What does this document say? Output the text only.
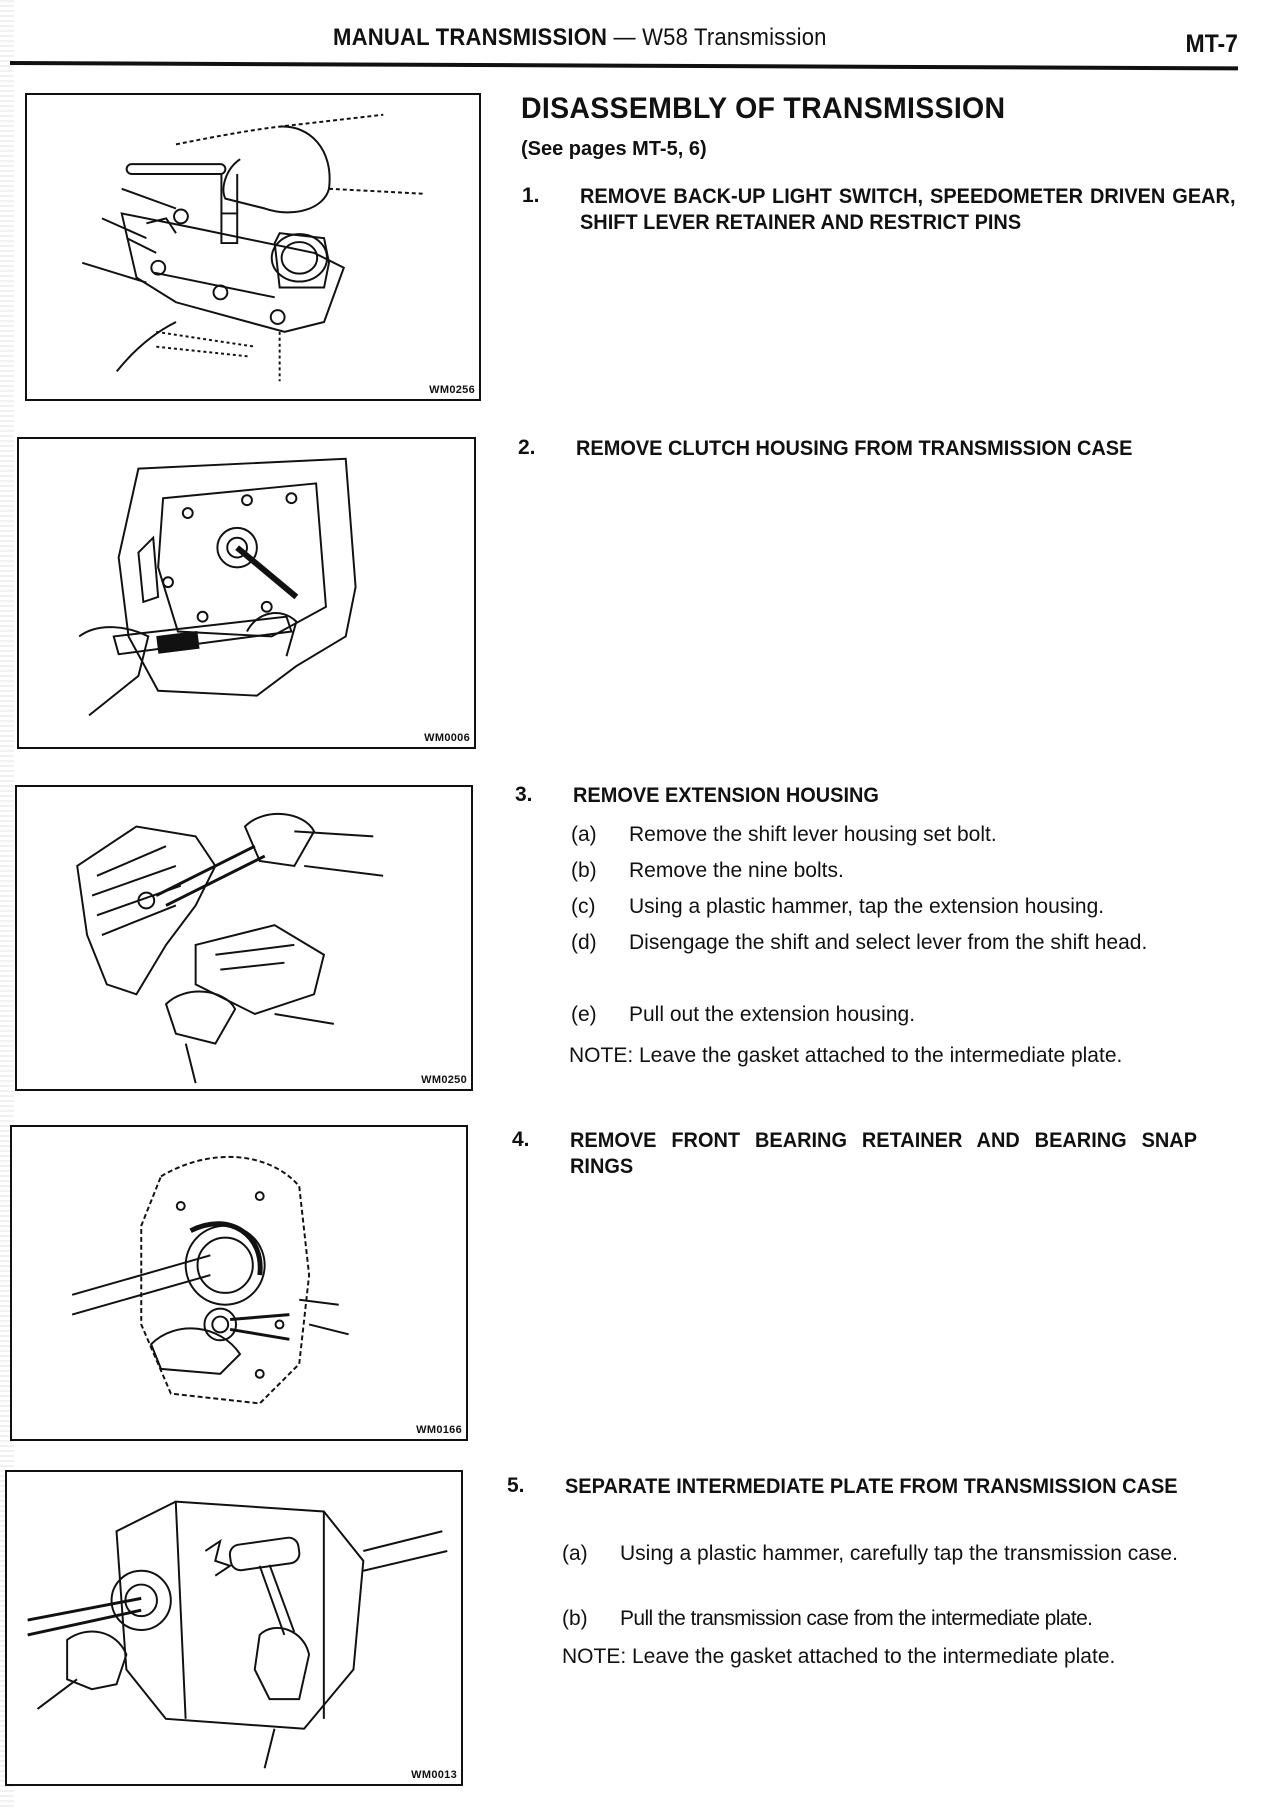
MANUAL TRANSMISSION — W58 Transmission	MT-7
WM0256
WM0006
WM0250
WM0166
WM0013
DISASSEMBLY OF TRANSMISSION
(See pages MT-5, 6)
1. REMOVE BACK-UP LIGHT SWITCH, SPEEDOMETER DRIVEN GEAR, SHIFT LEVER RETAINER AND RESTRICT PINS
2. REMOVE CLUTCH HOUSING FROM TRANSMISSION CASE
3. REMOVE EXTENSION HOUSING
(a) Remove the shift lever housing set bolt.
(b) Remove the nine bolts.
(c) Using a plastic hammer, tap the extension housing.
(d) Disengage the shift and select lever from the shift head.
(e) Pull out the extension housing.
NOTE: Leave the gasket attached to the intermediate plate.
4. REMOVE FRONT BEARING RETAINER AND BEARING SNAP RINGS
5. SEPARATE INTERMEDIATE PLATE FROM TRANSMISSION CASE
(a) Using a plastic hammer, carefully tap the transmission case.
(b) Pull the transmission case from the intermediate plate.
NOTE: Leave the gasket attached to the intermediate plate.
